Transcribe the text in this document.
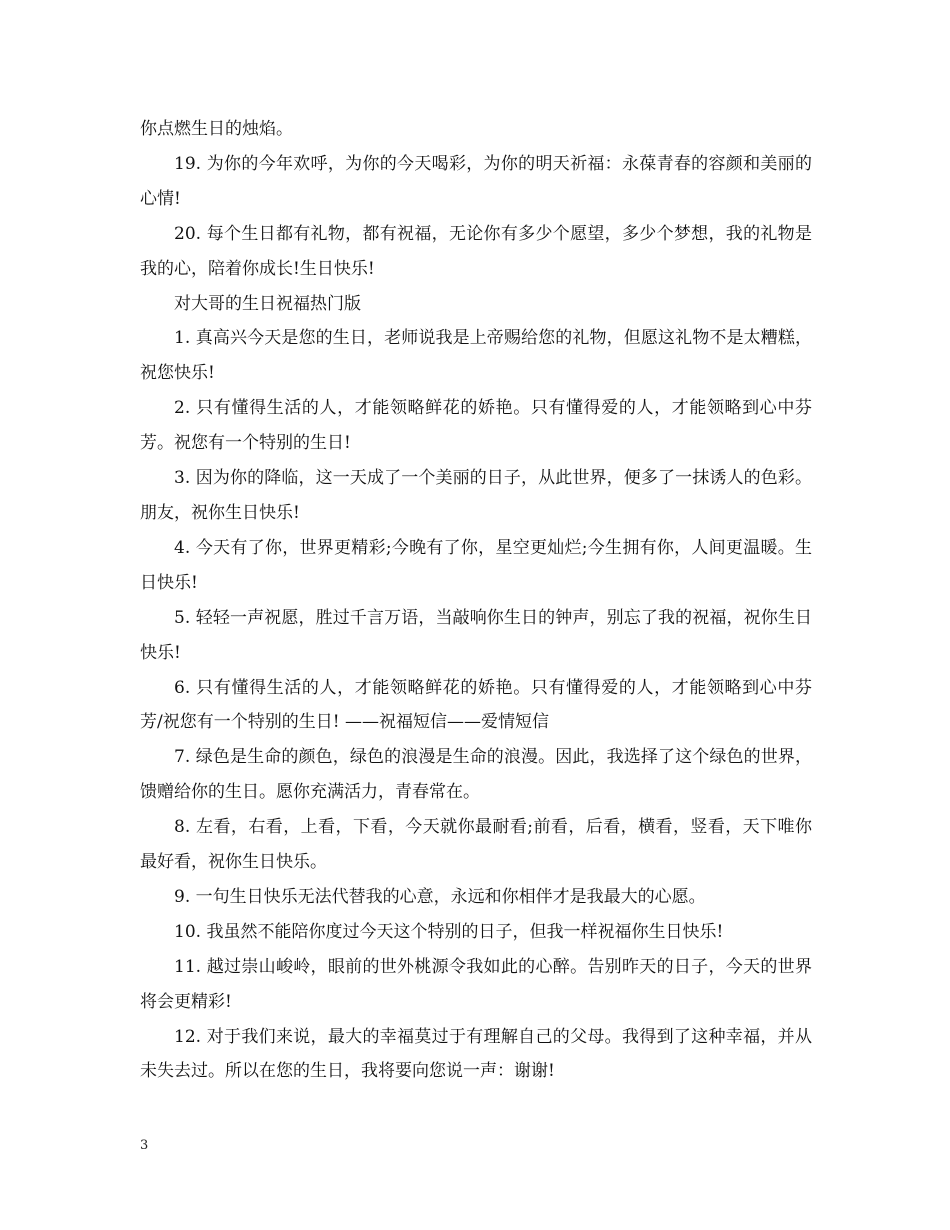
你点燃生日的烛焰。

19. 为你的今年欢呼，为你的今天喝彩，为你的明天祈福：永葆青春的容颜和美丽的心情!

20. 每个生日都有礼物，都有祝福，无论你有多少个愿望，多少个梦想，我的礼物是我的心，陪着你成长!生日快乐!

对大哥的生日祝福热门版

1. 真高兴今天是您的生日，老师说我是上帝赐给您的礼物，但愿这礼物不是太糟糕，祝您快乐!

2. 只有懂得生活的人，才能领略鲜花的娇艳。只有懂得爱的人，才能领略到心中芬芳。祝您有一个特别的生日!

3. 因为你的降临，这一天成了一个美丽的日子，从此世界，便多了一抹诱人的色彩。朋友，祝你生日快乐!

4. 今天有了你，世界更精彩;今晚有了你，星空更灿烂;今生拥有你，人间更温暖。生日快乐!

5. 轻轻一声祝愿，胜过千言万语，当敲响你生日的钟声，别忘了我的祝福，祝你生日快乐!

6. 只有懂得生活的人，才能领略鲜花的娇艳。只有懂得爱的人，才能领略到心中芬芳/祝您有一个特别的生日! ——祝福短信——爱情短信

7. 绿色是生命的颜色，绿色的浪漫是生命的浪漫。因此，我选择了这个绿色的世界，馈赠给你的生日。愿你充满活力，青春常在。

8. 左看，右看，上看，下看，今天就你最耐看;前看，后看，横看，竖看，天下唯你最好看，祝你生日快乐。

9. 一句生日快乐无法代替我的心意，永远和你相伴才是我最大的心愿。

10. 我虽然不能陪你度过今天这个特别的日子，但我一样祝福你生日快乐!

11. 越过崇山峻岭，眼前的世外桃源令我如此的心醉。告别昨天的日子，今天的世界将会更精彩!

12. 对于我们来说，最大的幸福莫过于有理解自己的父母。我得到了这种幸福，并从未失去过。所以在您的生日，我将要向您说一声：谢谢!

3
